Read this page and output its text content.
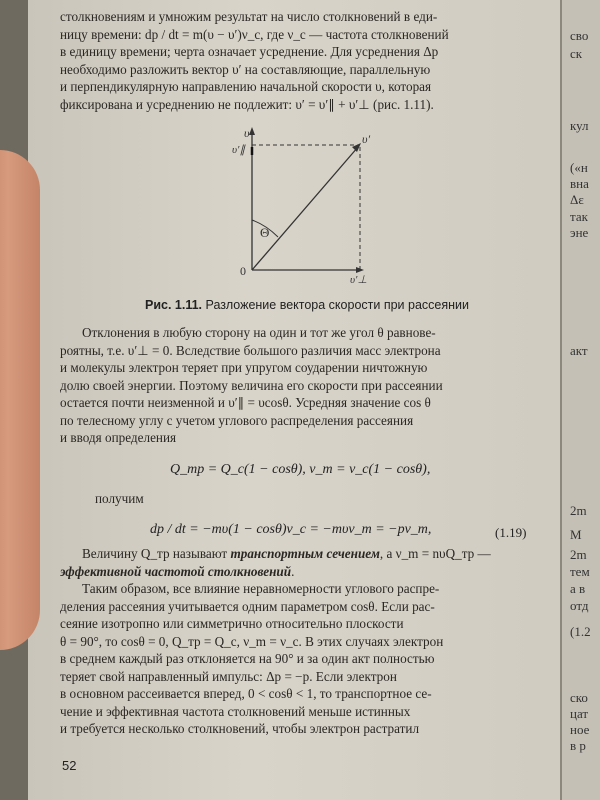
сво
ск
кул
(«н
вна
Δε
так
эне
акт
2m
M
2m
тем
а в
отд
(1.2
ско
цат
ное
в р
столкновениям и умножим результат на число столкновений в еди-
ницу времени: dp / dt = m(υ − υ′)ν_c, где ν_c — частота столкновений
в единицу времени; черта означает усреднение. Для усреднения Δp
необходимо разложить вектор υ′ на составляющие, параллельную
и перпендикулярную направлению начальной скорости υ, которая
фиксирована и усреднению не подлежит: υ′ = υ′∥ + υ′⊥ (рис. 1.11).
υ
υ′∥
υ′
Θ
0
υ′⊥
Рис. 1.11. Разложение вектора скорости при рассеянии
Отклонения в любую сторону на один и тот же угол θ равнове-
роятны, т.е. υ′⊥ = 0. Вследствие большого различия масс электрона
и молекулы электрон теряет при упругом соударении ничтожную
долю своей энергии. Поэтому величина его скорости при рассеянии
остается почти неизменной и υ′∥ = υcosθ. Усредняя значение cos θ
по телесному углу с учетом углового распределения рассеяния
и вводя определения
Q_тр = Q_c(1 − cosθ), ν_m = ν_c(1 − cosθ),
получим
dp / dt = −mυ(1 − cosθ)ν_c = −mυν_m = −pν_m,	(1.19)
Величину Q_тр называют транспортным сечением, а ν_m = nυQ_тр —
эффективной частотой столкновений.
Таким образом, все влияние неравномерности углового распре-
деления рассеяния учитывается одним параметром cosθ. Если рас-
сеяние изотропно или симметрично относительно плоскости
θ = 90°, то cosθ = 0, Q_тр = Q_c, ν_m = ν_c. В этих случаях электрон
в среднем каждый раз отклоняется на 90° и за один акт полностью
теряет свой направленный импульс: Δp = −p. Если электрон
в основном рассеивается вперед, 0 < cosθ < 1, то транспортное се-
чение и эффективная частота столкновений меньше истинных
и требуется несколько столкновений, чтобы электрон растратил
52
